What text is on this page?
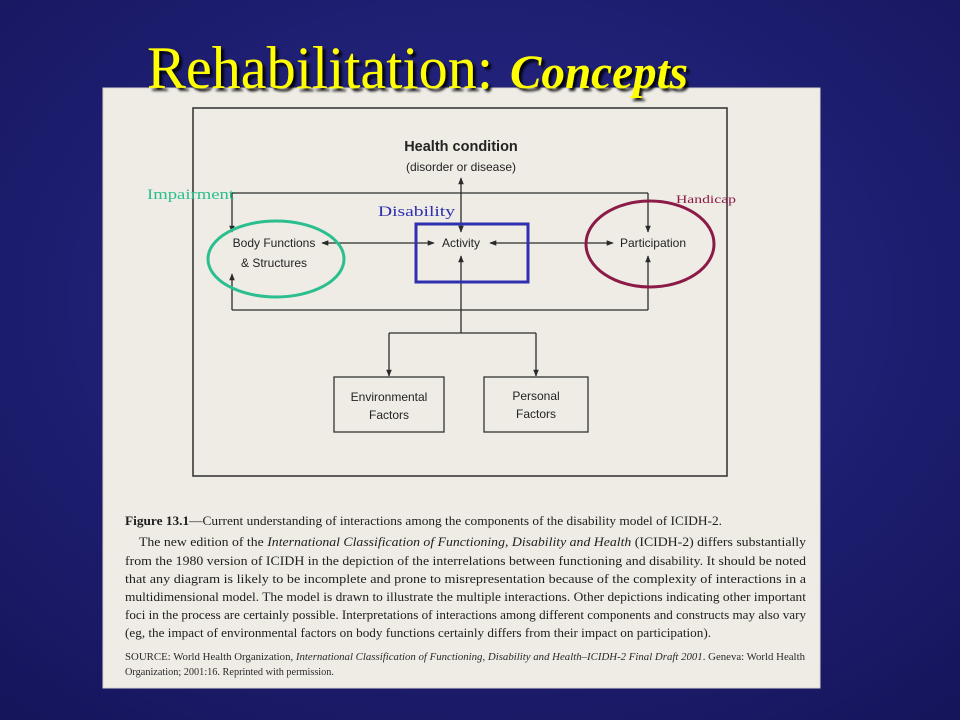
Health condition
(disorder or disease)
Body Functions
& Structures
Activity	Participation
Environmental
Factors
Personal
Factors
Impairment
Disability
Handicap
Figure 13.1 —Current understanding of interactions among the components of the disability model of ICIDH-2.
The new edition of the International Classification of Functioning, Disability and Health (ICIDH-2) differs substantially
from the 1980 version of ICIDH in the depiction of the interrelations between functioning and disability. It should be noted
that any diagram is likely to be incomplete and prone to misrepresentation because of the complexity of interactions in a
multidimensional model. The model is drawn to illustrate the multiple interactions. Other depictions indicating other important
foci in the process are certainly possible. Interpretations of interactions among different components and constructs may also vary
(eg, the impact of environmental factors on body functions certainly differs from their impact on participation).
SOURCE: World Health Organization, International Classification of Functioning, Disability and Health–ICIDH-2 Final Draft 2001 . Geneva: World Health
Organization; 2001:16. Reprinted with permission.
Rehabilitation: Concepts
